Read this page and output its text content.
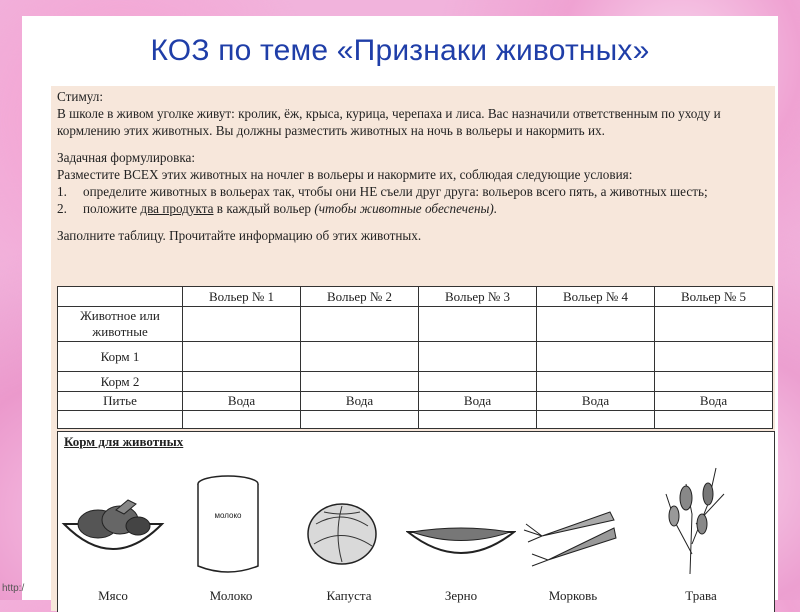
КОЗ по теме «Признаки животных»

Стимул:

В школе в живом уголке живут: кролик, ёж, крыса, курица, черепаха и лиса. Вас назначили ответственным по уходу и кормлению этих животных. Вы должны разместить животных на ночь в вольеры и накормить их.

Задачная формулировка:

Разместите ВСЕХ этих животных на ночлег в вольеры и накормите их, соблюдая следующие условия:

1.	определите животных в вольерах так, чтобы они НЕ съели друг друга: вольеров всего пять, а животных шесть;
2.	положите два продукта в каждый вольер (чтобы животные обеспечены).

Заполните таблицу. Прочитайте информацию об этих животных.

	Вольер № 1	Вольер № 2	Вольер № 3	Вольер № 4	Вольер № 5
Животное или животные					
Корм 1					
Корм 2					
Питье	Вода	Вода	Вода	Вода	Вода

Корм для животных
Мясо
молоко
Молоко	Капуста	Зерно	Морковь	Трава
http:/
